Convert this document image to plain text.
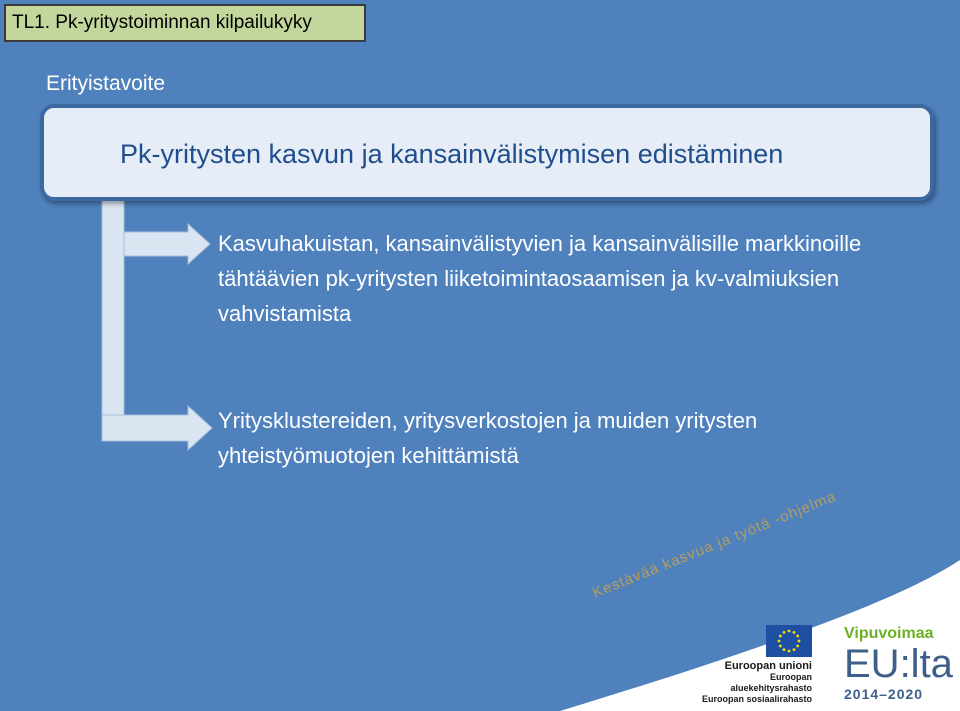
TL1. Pk-yritystoiminnan kilpailukyky
Erityistavoite
Pk-yritysten kasvun ja kansainvälistymisen edistäminen
Kasvuhakuistan, kansainvälistyvien ja kansainvälisille markkinoille tähtäävien pk-yritysten liiketoimintaosaamisen ja kv-valmiuksien vahvistamista
Yritysklustereiden, yritysverkostojen ja muiden yritysten yhteistyömuotojen kehittämistä
Kestävää kasvua ja työtä -ohjelma
Euroopan unioni
Euroopan aluekehitysrahasto
Euroopan sosiaalirahasto
Vipuvoimaa
EU:lta
2014–2020
